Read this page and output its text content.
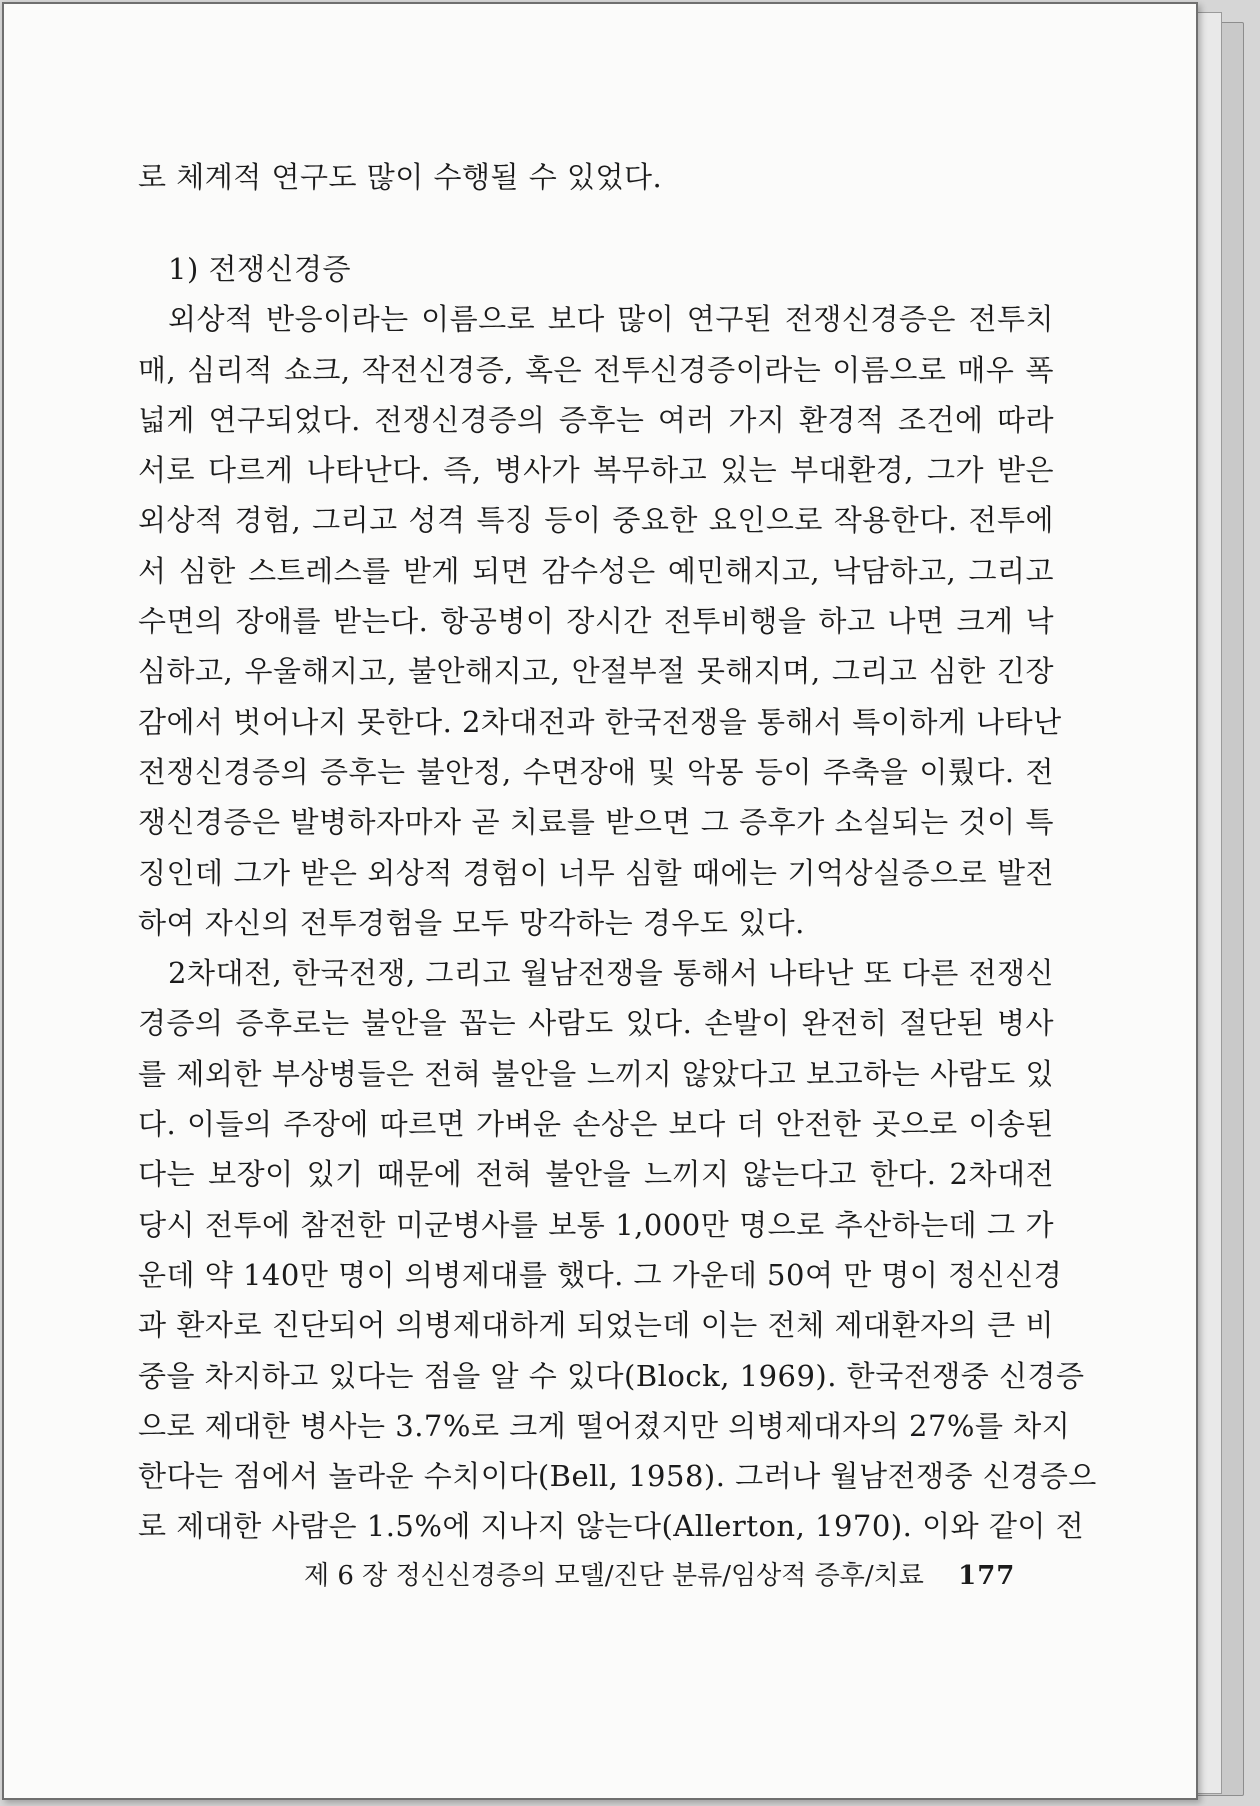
로 체계적 연구도 많이 수행될 수 있었다.
1) 전쟁신경증
외상적 반응이라는 이름으로 보다 많이 연구된 전쟁신경증은 전투치
매, 심리적 쇼크, 작전신경증, 혹은 전투신경증이라는 이름으로 매우 폭
넓게 연구되었다. 전쟁신경증의 증후는 여러 가지 환경적 조건에 따라
서로 다르게 나타난다. 즉, 병사가 복무하고 있는 부대환경, 그가 받은
외상적 경험, 그리고 성격 특징 등이 중요한 요인으로 작용한다. 전투에
서 심한 스트레스를 받게 되면 감수성은 예민해지고, 낙담하고, 그리고
수면의 장애를 받는다. 항공병이 장시간 전투비행을 하고 나면 크게 낙
심하고, 우울해지고, 불안해지고, 안절부절 못해지며, 그리고 심한 긴장
감에서 벗어나지 못한다. 2차대전과 한국전쟁을 통해서 특이하게 나타난
전쟁신경증의 증후는 불안정, 수면장애 및 악몽 등이 주축을 이뤘다. 전
쟁신경증은 발병하자마자 곧 치료를 받으면 그 증후가 소실되는 것이 특
징인데 그가 받은 외상적 경험이 너무 심할 때에는 기억상실증으로 발전
하여 자신의 전투경험을 모두 망각하는 경우도 있다.
2차대전, 한국전쟁, 그리고 월남전쟁을 통해서 나타난 또 다른 전쟁신
경증의 증후로는 불안을 꼽는 사람도 있다. 손발이 완전히 절단된 병사
를 제외한 부상병들은 전혀 불안을 느끼지 않았다고 보고하는 사람도 있
다. 이들의 주장에 따르면 가벼운 손상은 보다 더 안전한 곳으로 이송된
다는 보장이 있기 때문에 전혀 불안을 느끼지 않는다고 한다. 2차대전
당시 전투에 참전한 미군병사를 보통 1,000만 명으로 추산하는데 그 가
운데 약 140만 명이 의병제대를 했다. 그 가운데 50여 만 명이 정신신경
과 환자로 진단되어 의병제대하게 되었는데 이는 전체 제대환자의 큰 비
중을 차지하고 있다는 점을 알 수 있다(Block, 1969). 한국전쟁중 신경증
으로 제대한 병사는 3.7%로 크게 떨어졌지만 의병제대자의 27%를 차지
한다는 점에서 놀라운 수치이다(Bell, 1958). 그러나 월남전쟁중 신경증으
로 제대한 사람은 1.5%에 지나지 않는다(Allerton, 1970). 이와 같이 전
제 6 장 정신신경증의 모델/진단 분류/임상적 증후/치료 177
